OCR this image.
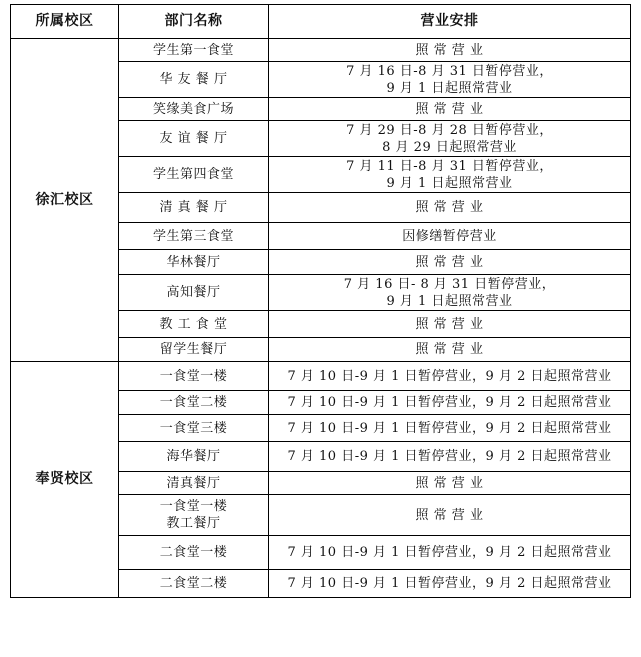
所属校区	部门名称	营业安排
徐汇校区	学生第一食堂	照 常 营 业
	华 友 餐 厅	7 月 16 日-8 月 31 日暂停营业，
9 月 1 日起照常营业
	笑缘美食广场	照 常 营 业
	友 谊 餐 厅	7 月 29 日-8 月 28 日暂停营业，
8 月 29 日起照常营业
	学生第四食堂	7 月 11 日-8 月 31 日暂停营业，
9 月 1 日起照常营业
	清 真 餐 厅	照 常 营 业
	学生第三食堂	因修缮暂停营业
	华林餐厅	照 常 营 业
	高知餐厅	7 月 16 日- 8 月 31 日暂停营业，
9 月 1 日起照常营业
	教 工 食 堂	照 常 营 业
	留学生餐厅	照 常 营 业
奉贤校区	一食堂一楼	7 月 10 日-9 月 1 日暂停营业，9 月 2 日起照常营业
	一食堂二楼	7 月 10 日-9 月 1 日暂停营业，9 月 2 日起照常营业
	一食堂三楼	7 月 10 日-9 月 1 日暂停营业，9 月 2 日起照常营业
	海华餐厅	7 月 10 日-9 月 1 日暂停营业，9 月 2 日起照常营业
	清真餐厅	照 常 营 业
	一食堂一楼
教工餐厅	照 常 营 业
	二食堂一楼	7 月 10 日-9 月 1 日暂停营业，9 月 2 日起照常营业
	二食堂二楼	7 月 10 日-9 月 1 日暂停营业，9 月 2 日起照常营业
